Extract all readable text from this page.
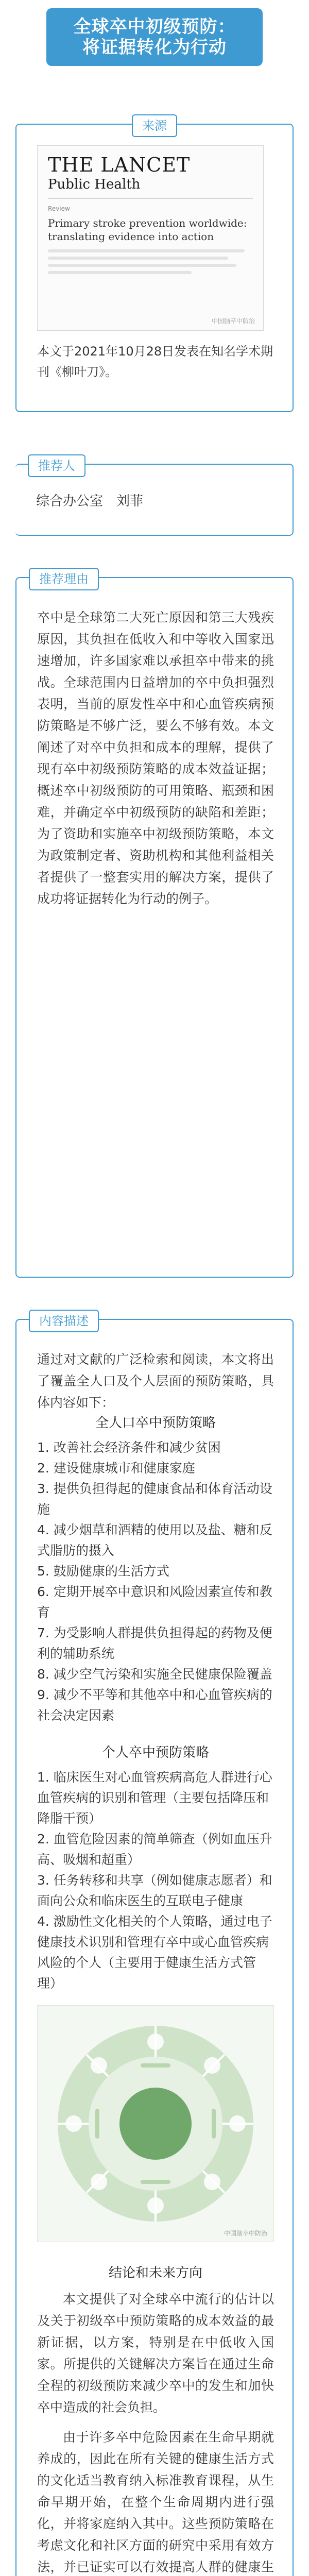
全球卒中初级预防：
将证据转化为行动
来源
THE LANCET
Public Health
Review
Primary stroke prevention worldwide: translating evidence into action
中国脑卒中防治
本文于2021年10月28日发表在知名学术期刊《柳叶刀》。
推荐人
综合办公室　刘菲
推荐理由
卒中是全球第二大死亡原因和第三大残疾原因，其负担在低收入和中等收入国家迅速增加，许多国家难以承担卒中带来的挑战。全球范围内日益增加的卒中负担强烈表明，当前的原发性卒中和心血管疾病预防策略是不够广泛，要么不够有效。本文阐述了对卒中负担和成本的理解，提供了现有卒中初级预防策略的成本效益证据；概述卒中初级预防的可用策略、瓶颈和困难，并确定卒中初级预防的缺陷和差距；为了资助和实施卒中初级预防策略，本文为政策制定者、资助机构和其他利益相关者提供了一整套实用的解决方案，提供了成功将证据转化为行动的例子。
内容描述
通过对文献的广泛检索和阅读，本文将出了覆盖全人口及个人层面的预防策略，具体内容如下：
全人口卒中预防策略
1. 改善社会经济条件和减少贫困
2. 建设健康城市和健康家庭
3. 提供负担得起的健康食品和体育活动设施
4. 减少烟草和酒精的使用以及盐、糖和反式脂肪的摄入
5. 鼓励健康的生活方式
6. 定期开展卒中意识和风险因素宣传和教育
7. 为受影响人群提供负担得起的药物及便利的辅助系统
8. 减少空气污染和实施全民健康保险覆盖
9. 减少不平等和其他卒中和心血管疾病的社会决定因素
个人卒中预防策略
1. 临床医生对心血管疾病高危人群进行心血管疾病的识别和管理（主要包括降压和降脂干预）
2. 血管危险因素的简单筛查（例如血压升高、吸烟和超重）
3. 任务转移和共享（例如健康志愿者）和面向公众和临床医生的互联电子健康
4. 激励性文化相关的个人策略，通过电子健康技术识别和管理有卒中或心血管疾病风险的个人（主要用于健康生活方式管理）
中国脑卒中防治
结论和未来方向
本文提供了对全球卒中流行的估计以及关于初级卒中预防策略的成本效益的最新证据，以方案，特别是在中低收入国家。所提供的关键解决方案旨在通过生命全程的初级预防来减少卒中的发生和加快卒中造成的社会负担。
由于许多卒中危险因素在生命早期就养成的，因此在所有关键的健康生活方式的文化适当教育纳入标准教育课程，从生命早期开始，在整个生命周期内进行强化，并将家庭纳入其中。这些预防策略在考虑文化和社区方面的研究中采用有效方法，并已证实可以有效提高人群的健康生
